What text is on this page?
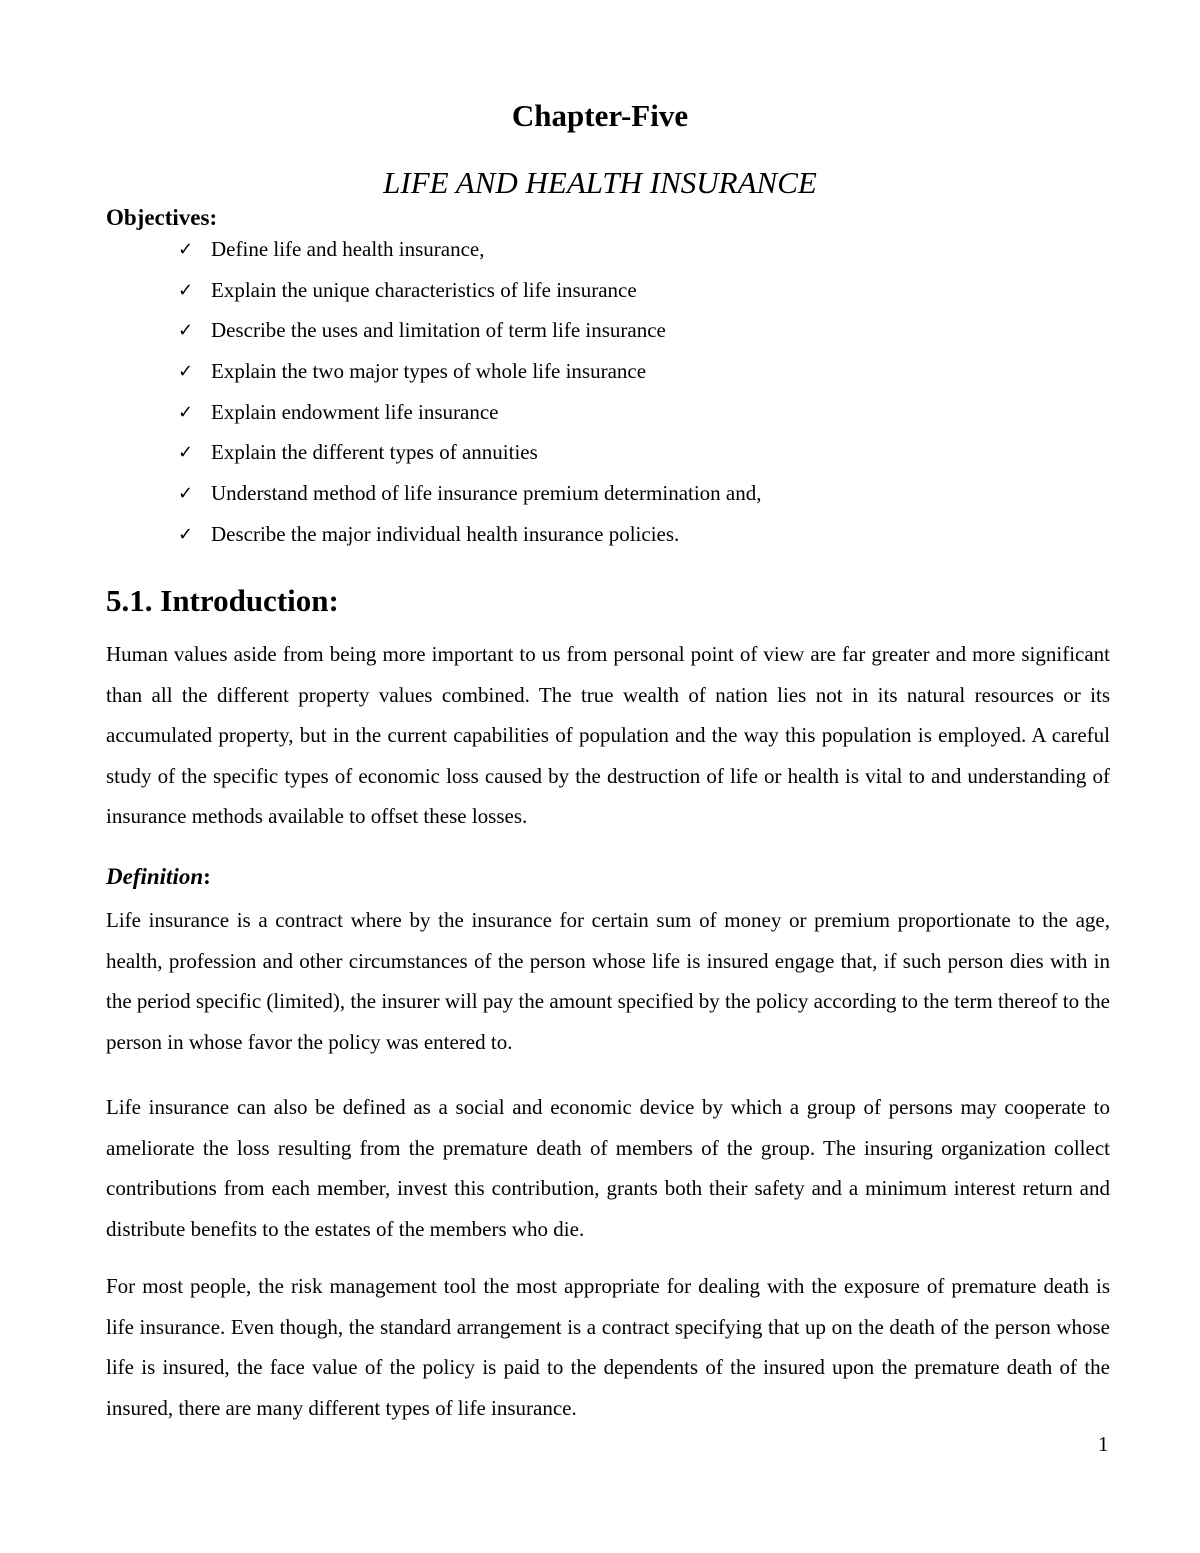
Chapter-Five
LIFE AND HEALTH INSURANCE
Objectives:
✓ Define life and health insurance,
✓ Explain the unique characteristics of life insurance
✓ Describe the uses and limitation of term life insurance
✓ Explain the two major types of whole life insurance
✓ Explain endowment life insurance
✓ Explain the different types of annuities
✓ Understand method of life insurance premium determination and,
✓ Describe the major individual health insurance policies.
5.1. Introduction:

Human values aside from being more important to us from personal point of view are far greater and more significant than all the different property values combined. The true wealth of nation lies not in its natural resources or its accumulated property, but in the current capabilities of population and the way this population is employed. A careful study of the specific types of economic loss caused by the destruction of life or health is vital to and understanding of insurance methods available to offset these losses.

Definition:

Life insurance is a contract where by the insurance for certain sum of money or premium proportionate to the age, health, profession and other circumstances of the person whose life is insured engage that, if such person dies with in the period specific (limited), the insurer will pay the amount specified by the policy according to the term thereof to the person in whose favor the policy was entered to.

Life insurance can also be defined as a social and economic device by which a group of persons may cooperate to ameliorate the loss resulting from the premature death of members of the group. The insuring organization collect contributions from each member, invest this contribution, grants both their safety and a minimum interest return and distribute benefits to the estates of the members who die.

For most people, the risk management tool the most appropriate for dealing with the exposure of premature death is life insurance. Even though, the standard arrangement is a contract specifying that up on the death of the person whose life is insured, the face value of the policy is paid to the dependents of the insured upon the premature death of the insured, there are many different types of life insurance.

1
